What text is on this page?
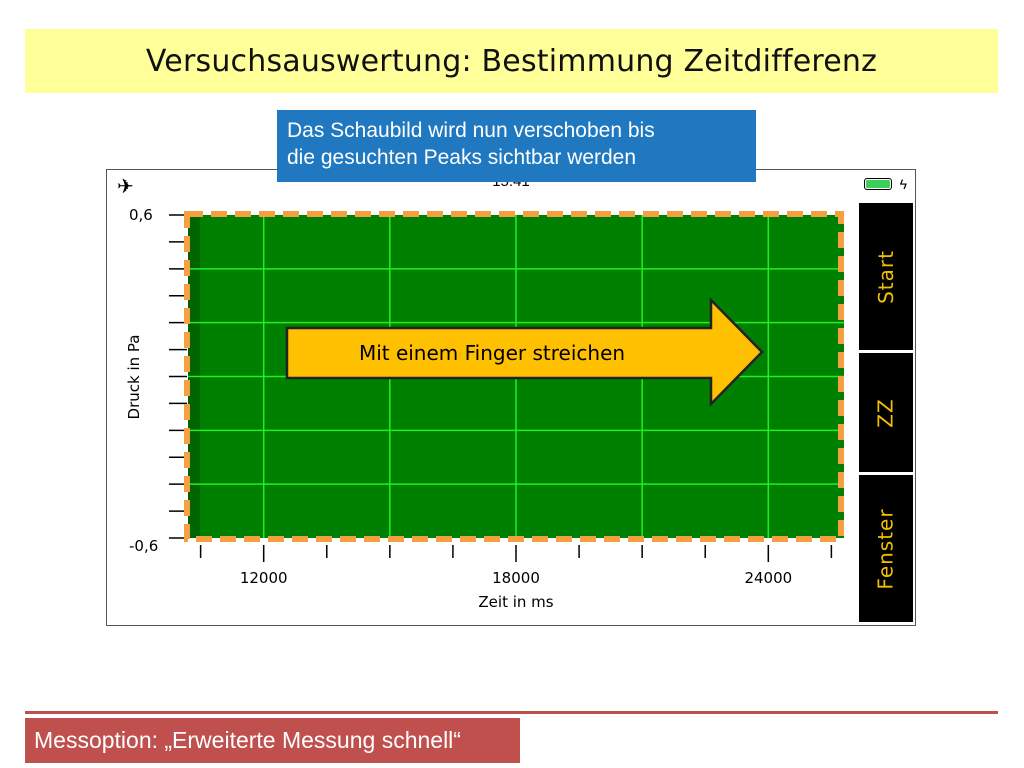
Versuchsauswertung: Bestimmung Zeitdifferenz
Das Schaubild wird nun verschoben bis
die gesuchten Peaks sichtbar werden
✈	ϟ
0,6
-0,6
12000	18000	24000
Zeit in ms
Druck in Pa	Mit einem Finger streichen
Start
ZZ
Fenster
Messoption: „Erweiterte Messung schnell“
